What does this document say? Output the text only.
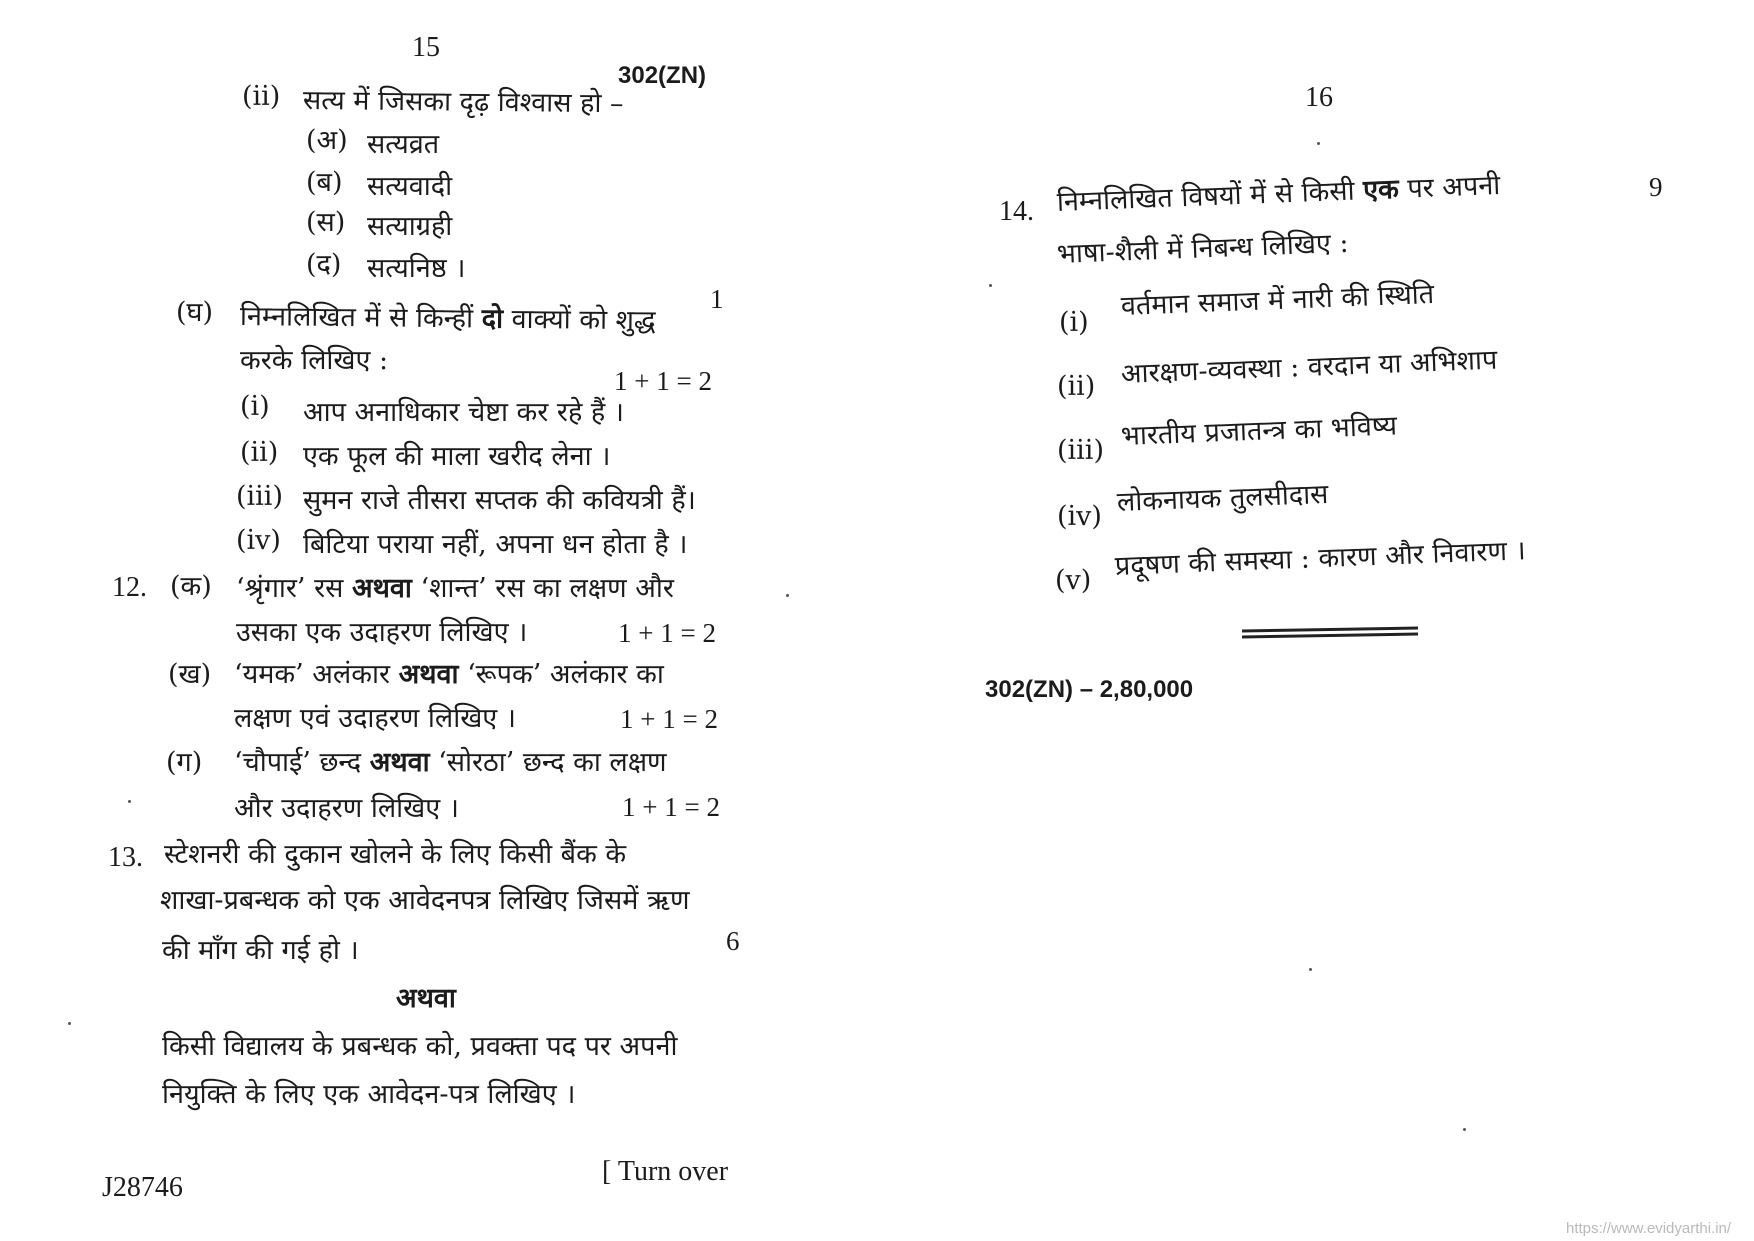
15
302(ZN)
(ii) सत्य में जिसका दृढ़ विश्वास हो –
(अ) सत्यव्रत
(ब) सत्यवादी
(स) सत्याग्रही
(द) सत्यनिष्ठ ।
1
(घ) निम्नलिखित में से किन्हीं दो वाक्यों को शुद्ध
करके लिखिए :
1 + 1 = 2
(i) आप अनाधिकार चेष्टा कर रहे हैं ।
(ii) एक फूल की माला खरीद लेना ।
(iii) सुमन राजे तीसरा सप्तक की कवियत्री हैं।
(iv) बिटिया पराया नहीं, अपना धन होता है ।
12. (क) ‘श्रृंगार’ रस अथवा ‘शान्त’ रस का लक्षण और
उसका एक उदाहरण लिखिए ।	1 + 1 = 2
(ख) ‘यमक’ अलंकार अथवा ‘रूपक’ अलंकार का
लक्षण एवं उदाहरण लिखिए ।	1 + 1 = 2
(ग) ‘चौपाई’ छन्द अथवा ‘सोरठा’ छन्द का लक्षण
और उदाहरण लिखिए ।	1 + 1 = 2
13. स्टेशनरी की दुकान खोलने के लिए किसी बैंक के
शाखा-प्रबन्धक को एक आवेदनपत्र लिखिए जिसमें ऋण
की माँग की गई हो ।	6
अथवा
किसी विद्यालय के प्रबन्धक को, प्रवक्ता पद पर अपनी
नियुक्ति के लिए एक आवेदन-पत्र लिखिए ।
J28746
[ Turn over
16
14. निम्नलिखित विषयों में से किसी एक पर अपनी
भाषा-शैली में निबन्ध लिखिए :
9
(i)
वर्तमान समाज में नारी की स्थिति
(ii) आरक्षण-व्यवस्था : वरदान या अभिशाप
(iii) भारतीय प्रजातन्त्र का भविष्य
(iv) लोकनायक तुलसीदास
(v) प्रदूषण की समस्या : कारण और निवारण ।
302(ZN) – 2,80,000
https://www.evidyarthi.in/
